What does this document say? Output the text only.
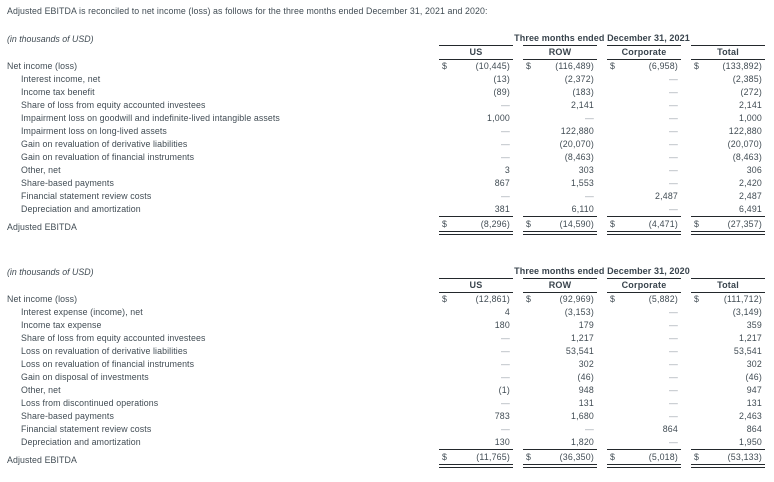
Adjusted EBITDA is reconciled to net income (loss) as follows for the three months ended December 31, 2021 and 2020:

(in thousands of USD)	Three months ended December 31, 2021
US	ROW	Corporate	Total
Net income (loss)	$	(10,445) $	(116,489) $	(6,958) $	(133,892)
Interest income, net	(13)	(2,372)	—	(2,385)
Income tax benefit	(89)	(183)	—	(272)
Share of loss from equity accounted investees	—	2,141	—	2,141
Impairment loss on goodwill and indefinite-lived intangible assets	1,000	—	—	1,000
Impairment loss on long-lived assets	—	122,880	—	122,880
Gain on revaluation of derivative liabilities	—	(20,070)	—	(20,070)
Gain on revaluation of financial instruments	—	(8,463)	—	(8,463)
Other, net	3	303	—	306
Share-based payments	867	1,553	—	2,420
Financial statement review costs	—	—	2,487	2,487
Depreciation and amortization	381	6,110	—	6,491
Adjusted EBITDA	$	(8,296) $	(14,590) $	(4,471) $	(27,357)
(in thousands of USD)	Three months ended December 31, 2020
US	ROW	Corporate	Total
Net income (loss)	$	(12,861) $	(92,969) $	(5,882) $	(111,712)
Interest expense (income), net	4	(3,153)	—	(3,149)
Income tax expense	180	179	—	359
Share of loss from equity accounted investees	—	1,217	—	1,217
Loss on revaluation of derivative liabilities	—	53,541	—	53,541
Loss on revaluation of financial instruments	—	302	—	302
Gain on disposal of investments	—	(46)	—	(46)
Other, net	(1)	948	—	947
Loss from discontinued operations	—	131	—	131
Share-based payments	783	1,680	—	2,463
Financial statement review costs	—	—	864	864
Depreciation and amortization	130	1,820	—	1,950
Adjusted EBITDA	$	(11,765) $	(36,350) $	(5,018) $	(53,133)
